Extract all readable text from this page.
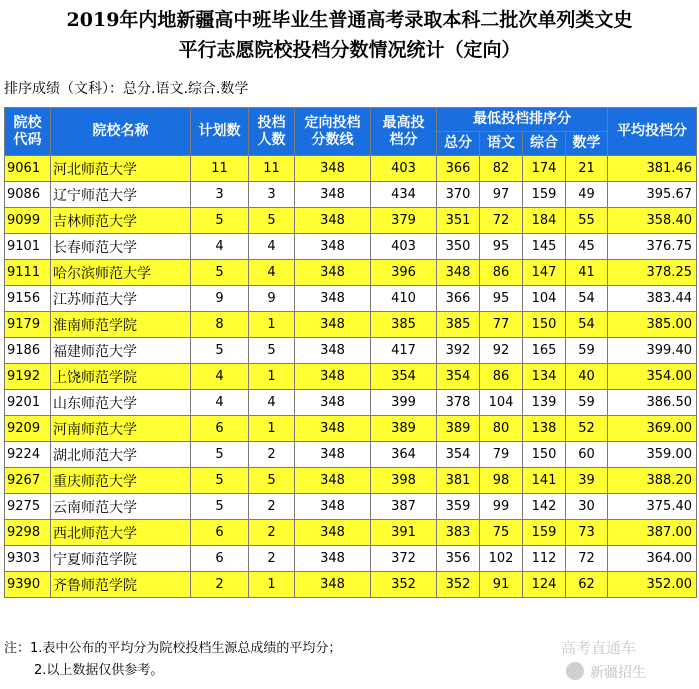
2019年内地新疆高中班毕业生普通高考录取本科二批次单列类文史
平行志愿院校投档分数情况统计（定向）
排序成绩（文科）：总分.语文.综合.数学
院校代码	院校名称	计划数	投档人数	定向投档分数线	最高投档分	最低投档排序分				平均投档分
						总分	语文	综合	数学	
9061	河北师范大学	11	11	348	403	366	82	174	21	381.46
9086	辽宁师范大学	3	3	348	434	370	97	159	49	395.67
9099	吉林师范大学	5	5	348	379	351	72	184	55	358.40
9101	长春师范大学	4	4	348	403	350	95	145	45	376.75
9111	哈尔滨师范大学	5	4	348	396	348	86	147	41	378.25
9156	江苏师范大学	9	9	348	410	366	95	104	54	383.44
9179	淮南师范学院	8	1	348	385	385	77	150	54	385.00
9186	福建师范大学	5	5	348	417	392	92	165	59	399.40
9192	上饶师范学院	4	1	348	354	354	86	134	40	354.00
9201	山东师范大学	4	4	348	399	378	104	139	59	386.50
9209	河南师范大学	6	1	348	389	389	80	138	52	369.00
9224	湖北师范大学	5	2	348	364	354	79	150	60	359.00
9267	重庆师范大学	5	5	348	398	381	98	141	39	388.20
9275	云南师范大学	5	2	348	387	359	99	142	30	375.40
9298	西北师范大学	6	2	348	391	383	75	159	73	387.00
9303	宁夏师范学院	6	2	348	372	356	102	112	72	364.00
9390	齐鲁师范学院	2	1	348	352	352	91	124	62	352.00
注：1.表中公布的平均分为院校投档生源总成绩的平均分；
2.以上数据仅供参考。
高考直通车
新疆招生
